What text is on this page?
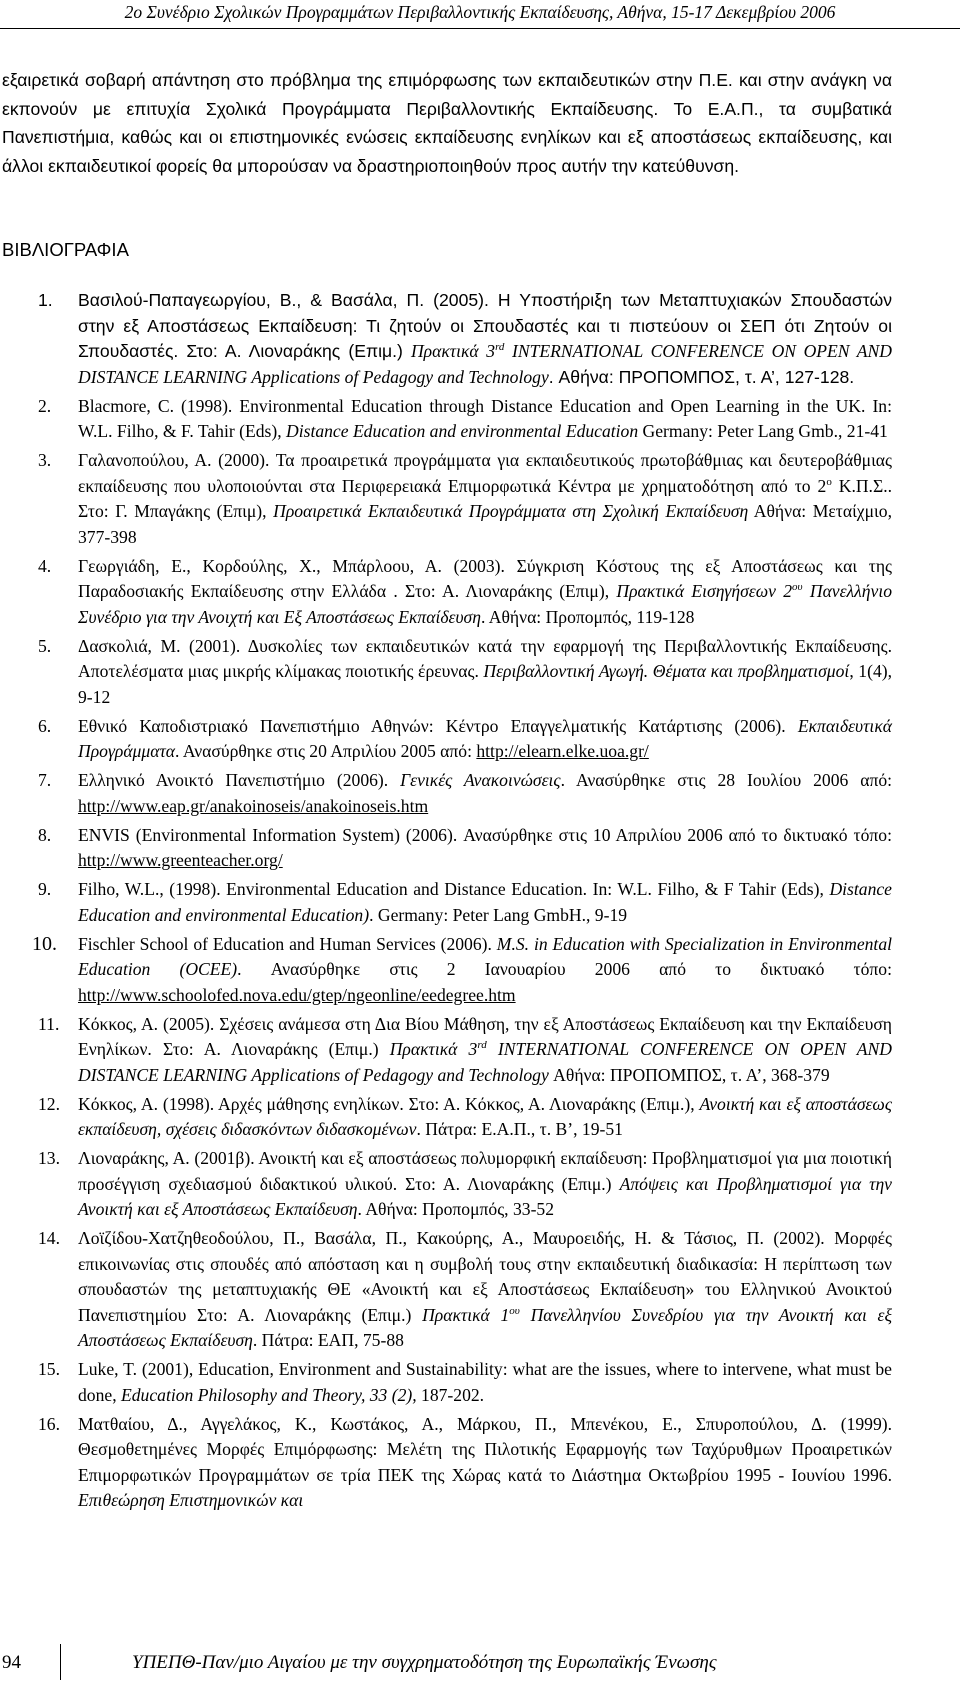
2ο Συνέδριο Σχολικών Προγραμμάτων Περιβαλλοντικής Εκπαίδευσης, Αθήνα, 15-17 Δεκεμβρίου 2006

εξαιρετικά σοβαρή απάντηση στο πρόβλημα της επιμόρφωσης των εκπαιδευτικών στην Π.Ε. και στην ανάγκη να εκπονούν με επιτυχία Σχολικά Προγράμματα Περιβαλλοντικής Εκπαίδευσης. Το Ε.Α.Π., τα συμβατικά Πανεπιστήμια, καθώς και οι επιστημονικές ενώσεις εκπαίδευσης ενηλίκων και εξ αποστάσεως εκπαίδευσης, και άλλοι εκπαιδευτικοί φορείς θα μπορούσαν να δραστηριοποιηθούν προς αυτήν την κατεύθυνση.

ΒΙΒΛΙΟΓΡΑΦΙΑ
1. Βασιλού-Παπαγεωργίου, Β., & Βασάλα, Π. (2005). Η Υποστήριξη των Μεταπτυχιακών Σπουδαστών στην εξ Αποστάσεως Εκπαίδευση: Τι ζητούν οι Σπουδαστές και τι πιστεύουν οι ΣΕΠ ότι Ζητούν οι Σπουδαστές. Στο: Α. Λιοναράκης (Επιμ.) Πρακτικά 3rd INTERNATIONAL CONFERENCE ON OPEN AND DISTANCE LEARNING Applications of Pedagogy and Technology. Αθήνα: ΠΡΟΠΟΜΠΟΣ, τ. Α’, 127-128.
2. Blacmore, C. (1998). Environmental Education through Distance Education and Open Learning in the UK. In: W.L. Filho, & F. Tahir (Eds), Distance Education and environmental Education Germany: Peter Lang Gmb., 21-41
3. Γαλανοπούλου, Α. (2000). Τα προαιρετικά προγράμματα για εκπαιδευτικούς πρωτοβάθμιας και δευτεροβάθμιας εκπαίδευσης που υλοποιούνται στα Περιφερειακά Επιμορφωτικά Κέντρα με χρηματοδότηση από το $2^o$ Κ.Π.Σ.. Στο: Γ. Μπαγάκης (Επιμ), Προαιρετικά Εκπαιδευτικά Προγράμματα στη Σχολική Εκπαίδευση Αθήνα: Μεταίχμιο, 377-398
4. Γεωργιάδη, Ε., Κορδούλης, Χ., Μπάρλοου, Α. (2003). Σύγκριση Κόστους της εξ Αποστάσεως και της Παραδοσιακής Εκπαίδευσης στην Ελλάδα . Στο: Α. Λιοναράκης (Επιμ), Πρακτικά Εισηγήσεων $2^{o\upsilon}$ Πανελλήνιο Συνέδριο για την Ανοιχτή και Εξ Αποστάσεως Εκπαίδευση. Αθήνα: Προπομπός, 119-128
5. Δασκολιά, Μ. (2001). Δυσκολίες των εκπαιδευτικών κατά την εφαρμογή της Περιβαλλοντικής Εκπαίδευσης. Αποτελέσματα μιας μικρής κλίμακας ποιοτικής έρευνας. Περιβαλλοντική Αγωγή. Θέματα και προβληματισμοί, 1(4), 9-12
6. Εθνικό Καποδιστριακό Πανεπιστήμιο Αθηνών: Κέντρο Επαγγελματικής Κατάρτισης (2006). Εκπαιδευτικά Προγράμματα. Ανασύρθηκε στις 20 Απριλίου 2005 από: http://elearn.elke.uoa.gr/
7. Ελληνικό Ανοικτό Πανεπιστήμιο (2006). Γενικές Ανακοινώσεις. Ανασύρθηκε στις 28 Ιουλίου 2006 από: http://www.eap.gr/anakoinoseis/anakoinoseis.htm
8. ENVIS (Environmental Information System) (2006). Ανασύρθηκε στις 10 Απριλίου 2006 από το δικτυακό τόπο: http://www.greenteacher.org/
9. Filho, W.L., (1998). Environmental Education and Distance Education. In: W.L. Filho, & F Tahir (Eds), Distance Education and environmental Education). Germany: Peter Lang GmbH., 9-19
10. Fischler School of Education and Human Services (2006). M.S. in Education with Specialization in Environmental Education (OCEE). Ανασύρθηκε στις 2 Ιανουαρίου 2006 από το δικτυακό τόπο: http://www.schoolofed.nova.edu/gtep/ngeonline/eedegree.htm
11. Κόκκος, Α. (2005). Σχέσεις ανάμεσα στη Δια Βίου Μάθηση, την εξ Αποστάσεως Εκπαίδευση και την Εκπαίδευση Ενηλίκων. Στο: Α. Λιοναράκης (Επιμ.) Πρακτικά 3rd INTERNATIONAL CONFERENCE ON OPEN AND DISTANCE LEARNING Applications of Pedagogy and Technology Αθήνα: ΠΡΟΠΟΜΠΟΣ, τ. Α’, 368-379
12. Κόκκος, Α. (1998). Αρχές μάθησης ενηλίκων. Στο: Α. Κόκκος, Α. Λιοναράκης (Επιμ.), Ανοικτή και εξ αποστάσεως εκπαίδευση, σχέσεις διδασκόντων διδασκομένων. Πάτρα: Ε.Α.Π., τ. Β’, 19-51
13. Λιοναράκης, Α. (2001β). Ανοικτή και εξ αποστάσεως πολυμορφική εκπαίδευση: Προβληματισμοί για μια ποιοτική προσέγγιση σχεδιασμού διδακτικού υλικού. Στο: Α. Λιοναράκης (Επιμ.) Απόψεις και Προβληματισμοί για την Ανοικτή και εξ Αποστάσεως Εκπαίδευση. Αθήνα: Προπομπός, 33-52
14. Λοϊζίδου-Χατζηθεοδούλου, Π., Βασάλα, Π., Κακούρης, Α., Μαυροειδής, Η. & Τάσιος, Π. (2002). Μορφές επικοινωνίας στις σπουδές από απόσταση και η συμβολή τους στην εκπαιδευτική διαδικασία: Η περίπτωση των σπουδαστών της μεταπτυχιακής ΘΕ «Ανοικτή και εξ Αποστάσεως Εκπαίδευση» του Ελληνικού Ανοικτού Πανεπιστημίου Στο: Α. Λιοναράκης (Επιμ.) Πρακτικά $1^{o\upsilon}$ Πανελληνίου Συνεδρίου για την Ανοικτή και εξ Αποστάσεως Εκπαίδευση. Πάτρα: ΕΑΠ, 75-88
15. Luke, T. (2001), Education, Environment and Sustainability: what are the issues, where to intervene, what must be done, Education Philosophy and Theory, 33 (2), 187-202.
16. Ματθαίου, Δ., Αγγελάκος, Κ., Κωστάκος, Α., Μάρκου, Π., Μπενέκου, Ε., Σπυροπούλου, Δ. (1999). Θεσμοθετημένες Μορφές Επιμόρφωσης: Μελέτη της Πιλοτικής Εφαρμογής των Ταχύρυθμων Προαιρετικών Επιμορφωτικών Προγραμμάτων σε τρία ΠΕΚ της Χώρας κατά το Διάστημα Οκτωβρίου 1995 - Ιουνίου 1996. Επιθεώρηση Επιστημονικών και
94	ΥΠΕΠΘ-Παν/μιο Αιγαίου με την συγχρηματοδότηση της Ευρωπαϊκής Ένωσης
